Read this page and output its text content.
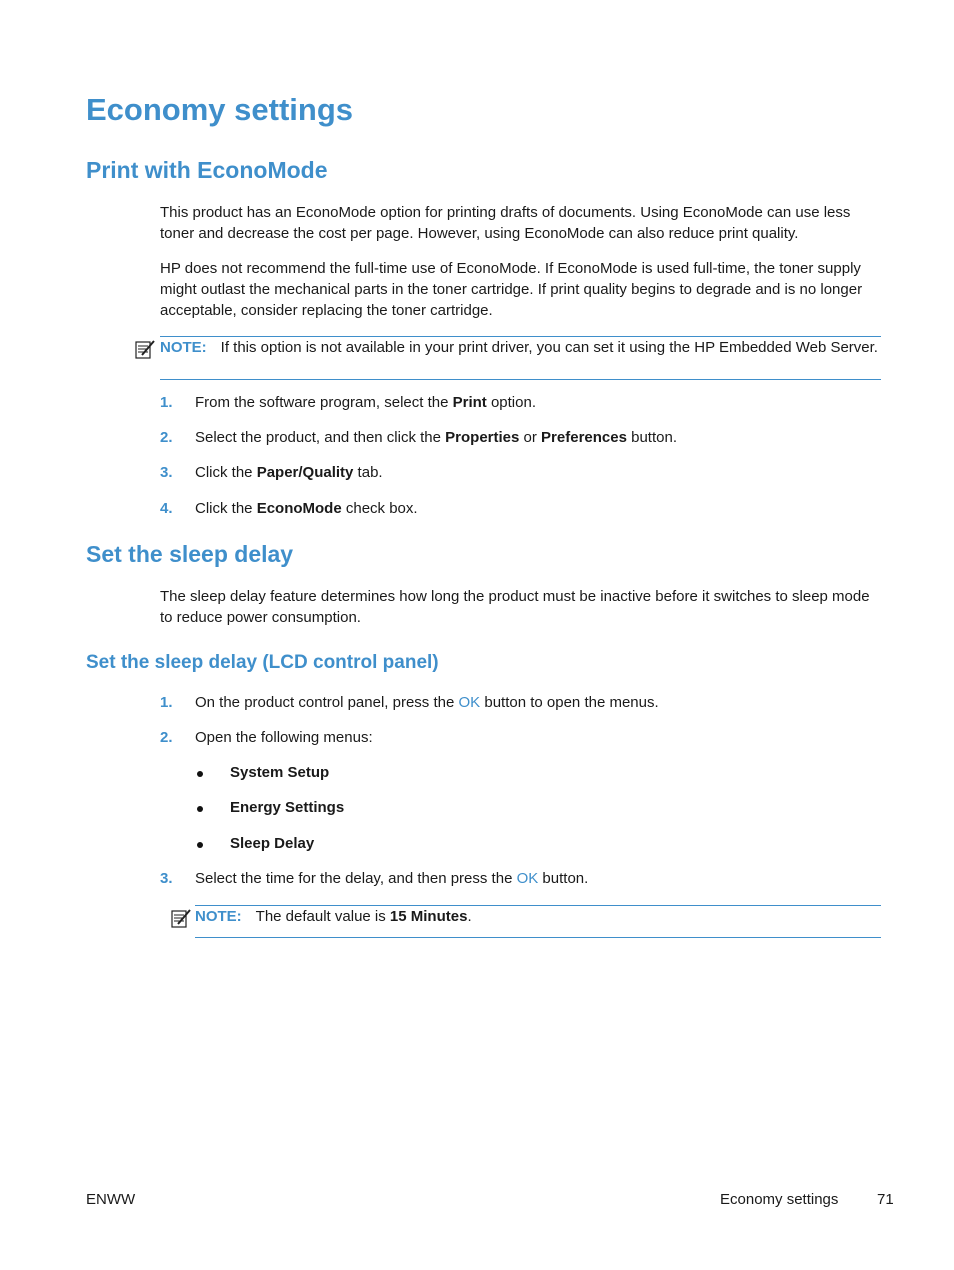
Economy settings
Print with EconoMode
This product has an EconoMode option for printing drafts of documents. Using EconoMode can use less toner and decrease the cost per page. However, using EconoMode can also reduce print quality.
HP does not recommend the full-time use of EconoMode. If EconoMode is used full-time, the toner supply might outlast the mechanical parts in the toner cartridge. If print quality begins to degrade and is no longer acceptable, consider replacing the toner cartridge.
NOTE: If this option is not available in your print driver, you can set it using the HP Embedded Web Server.
1. From the software program, select the Print option.
2. Select the product, and then click the Properties or Preferences button.
3. Click the Paper/Quality tab.
4. Click the EconoMode check box.
Set the sleep delay
The sleep delay feature determines how long the product must be inactive before it switches to sleep mode to reduce power consumption.
Set the sleep delay (LCD control panel)
1. On the product control panel, press the OK button to open the menus.
2. Open the following menus:
System Setup
Energy Settings
Sleep Delay
3. Select the time for the delay, and then press the OK button.
NOTE: The default value is 15 Minutes.
ENWW	Economy settings	71
